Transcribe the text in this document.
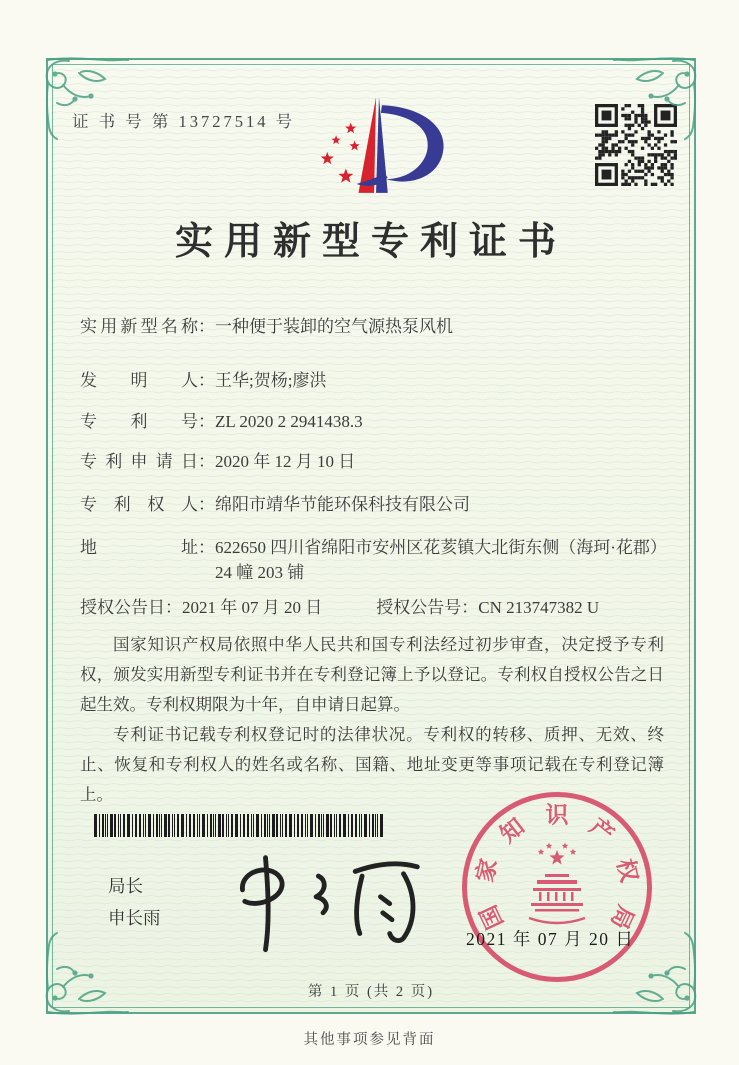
证 书 号 第 13727514 号
实用新型专利证书
实用新型名称 ： 一种便于装卸的空气源热泵风机
发明人 ： 王华;贺杨;廖洪
专利号 ： ZL 2020 2 2941438.3
专利申请日 ： 2020 年 12 月 10 日
专利权人 ： 绵阳市靖华节能环保科技有限公司
地址 ： 622650 四川省绵阳市安州区花荄镇大北街东侧（海珂·花郡）24 幢 203 铺
授权公告日：2021 年 07 月 20 日	授权公告号：CN 213747382 U

国家知识产权局依照中华人民共和国专利法经过初步审查，决定授予专利权，颁发实用新型专利证书并在专利登记簿上予以登记。专利权自授权公告之日起生效。专利权期限为十年，自申请日起算。

专利证书记载专利权登记时的法律状况。专利权的转移、质押、无效、终止、恢复和专利权人的姓名或名称、国籍、地址变更等事项记载在专利登记簿上。

局长
申长雨	国
家
知 识 产
权
局
2021 年 07 月 20 日
第 1 页 (共 2 页)
其他事项参见背面
